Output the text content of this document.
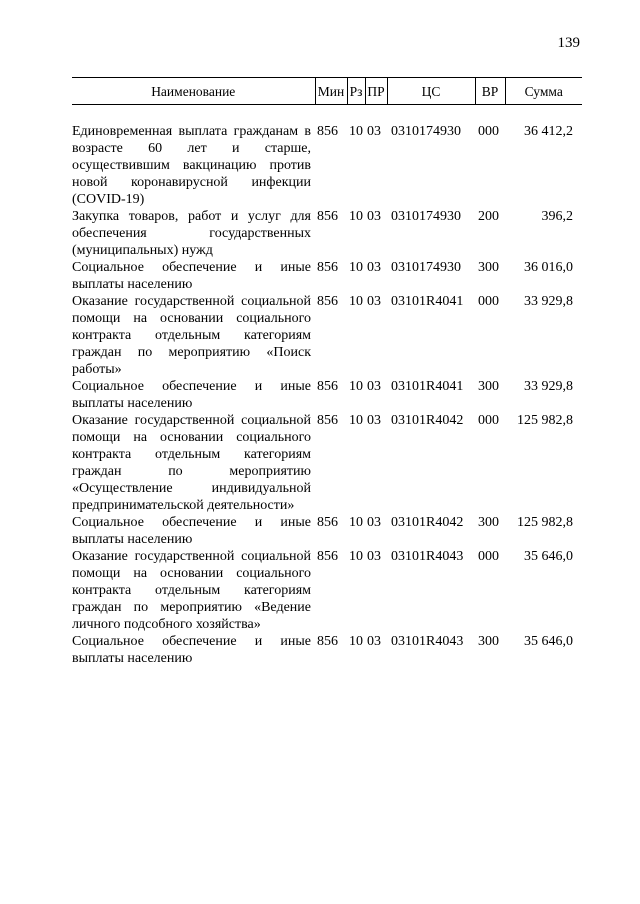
139
Наименование	Мин	Рз	ПР	ЦС	ВР	Сумма

Единовременная выплата гражданам в возрасте 60 лет и старше, осуществившим вакцинацию против новой коронавирусной инфекции (COVID-19)	856	10	03	0310174930	000	36 412,2
Закупка товаров, работ и услуг для обеспечения государственных (муниципальных) нужд	856	10	03	0310174930	200	396,2
Социальное обеспечение и иные выплаты населению	856	10	03	0310174930	300	36 016,0
Оказание государственной социальной помощи на основании социального контракта отдельным категориям граждан по мероприятию «Поиск работы»	856	10	03	03101R4041	000	33 929,8
Социальное обеспечение и иные выплаты населению	856	10	03	03101R4041	300	33 929,8
Оказание государственной социальной помощи на основании социального контракта отдельным категориям граждан по мероприятию «Осуществление индивидуальной предпринимательской деятельности»	856	10	03	03101R4042	000	125 982,8
Социальное обеспечение и иные выплаты населению	856	10	03	03101R4042	300	125 982,8
Оказание государственной социальной помощи на основании социального контракта отдельным категориям граждан по мероприятию «Ведение личного подсобного хозяйства»	856	10	03	03101R4043	000	35 646,0
Социальное обеспечение и иные выплаты населению	856	10	03	03101R4043	300	35 646,0
